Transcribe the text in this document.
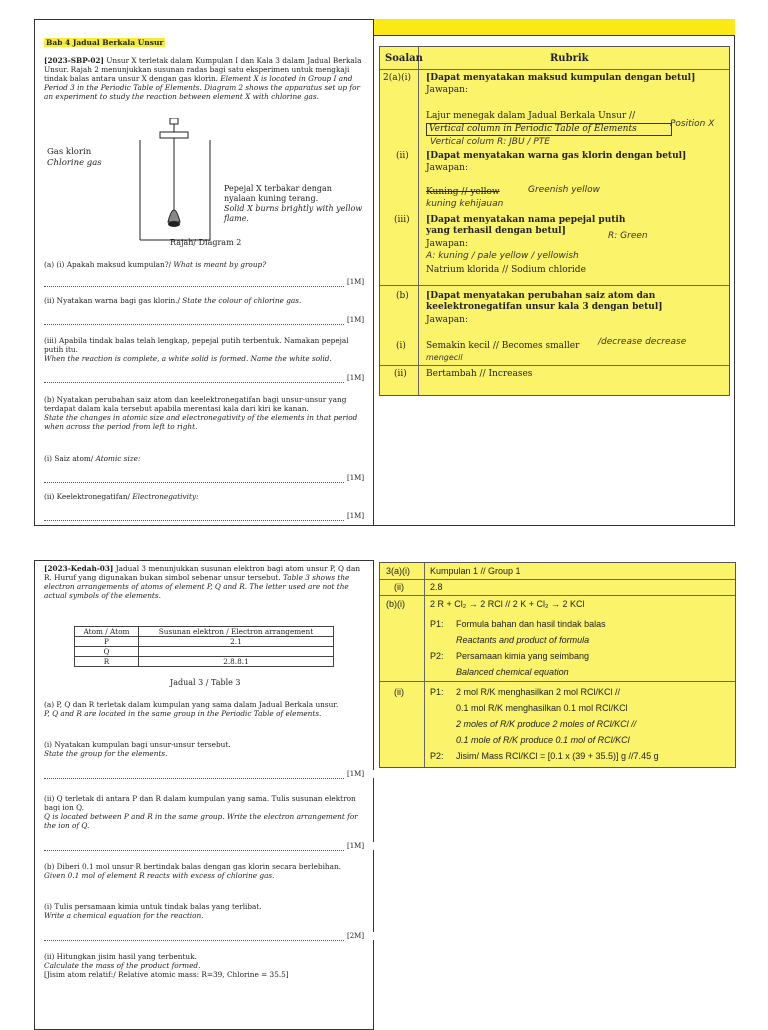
Bab 4 Jadual Berkala Unsur
[2023-SBP-02] Unsur X terletak dalam Kumpulan I dan Kala 3 dalam Jadual Berkala Unsur. Rajah 2 menunjukkan susunan radas bagi satu eksperimen untuk mengkaji tindak balas antara unsur X dengan gas klorin. Element X is located in Group I and Period 3 in the Periodic Table of Elements. Diagram 2 shows the apparatus set up for an experiment to study the reaction between element X with chlorine gas.
Gas klorin
Chlorine gas
Pepejal X terbakar dengan nyalaan kuning terang.
Solid X burns brightly with yellow flame.
Rajah/ Diagram 2
(a) (i) Apakah maksud kumpulan?/ What is meant by group?
[1M]
(ii) Nyatakan warna bagi gas klorin./ State the colour of chlorine gas.
[1M]
(iii) Apabila tindak balas telah lengkap, pepejal putih terbentuk. Namakan pepejal putih itu.
When the reaction is complete, a white solid is formed. Name the white solid.
[1M]
(b) Nyatakan perubahan saiz atom dan keelektronegatifan bagi unsur-unsur yang terdapat dalam kala tersebut apabila merentasi kala dari kiri ke kanan.
State the changes in atomic size and electronegativity of the elements in that period when across the period from left to right.
(i) Saiz atom/ Atomic size:
[1M]
(ii) Keelektronegatifan/ Electronegativity:
[1M]
Soalan	Rubrik
2(a)(i) [Dapat menyatakan maksud kumpulan dengan betul]
Jawapan:
Lajur menegak dalam Jadual Berkala Unsur //
Vertical column in Periodic Table of Elements
Vertical colum R: JBU / PTE
Position X
(ii) [Dapat menyatakan warna gas klorin dengan betul]
Jawapan:
Kuning // yellow	Greenish yellow
kuning kehijauan
(iii) [Dapat menyatakan nama pepejal putih yang terhasil dengan betul]
R: Green
Jawapan:
A: kuning / pale yellow / yellowish
Natrium klorida // Sodium chloride
(b) [Dapat menyatakan perubahan saiz atom dan keelektronegatifan unsur kala 3 dengan betul]
Jawapan:
(i) Semakin kecil // Becomes smaller /decrease decrease
mengecil
(ii) Bertambah // Increases
[2023-Kedah-03] Jadual 3 menunjukkan susunan elektron bagi atom unsur P, Q dan R. Huruf yang digunakan bukan simbol sebenar unsur tersebut. Table 3 shows the electron arrangements of atoms of element P, Q and R. The letter used are not the actual symbols of the elements.
Atom / Atom	Susunan elektron / Electron arrangement
P	2.1
Q	
R	2.8.8.1
Jadual 3 / Table 3
(a) P, Q dan R terletak dalam kumpulan yang sama dalam Jadual Berkala unsur.
P, Q and R are located in the same group in the Periodic Table of elements.
(i) Nyatakan kumpulan bagi unsur-unsur tersebut.
State the group for the elements.
[1M]
(ii) Q terletak di antara P dan R dalam kumpulan yang sama. Tulis susunan elektron bagi ion Q.
Q is located between P and R in the same group. Write the electron arrangement for the ion of Q.
[1M]
(b) Diberi 0.1 mol unsur R bertindak balas dengan gas klorin secara berlebihan.
Given 0.1 mol of element R reacts with excess of chlorine gas.
(i) Tulis persamaan kimia untuk tindak balas yang terlibat.
Write a chemical equation for the reaction.
[2M]
(ii) Hitungkan jisim hasil yang terbentuk.
Calculate the mass of the product formed.
[Jisim atom relatif:/ Relative atomic mass: R=39, Chlorine = 35.5]
3(a)(i) Kumpulan 1 // Group 1
(ii)	2.8
(b)(i)	2 R + Cl₂ → 2 RCl // 2 K + Cl₂ → 2 KCl
P1: Formula bahan dan hasil tindak balas
Reactants and product of formula
P2: Persamaan kimia yang seimbang
Balanced chemical equation
(ii)	P1: 2 mol R/K menghasilkan 2 mol RCl/KCl //
0.1 mol R/K menghasilkan 0.1 mol RCl/KCl
2 moles of R/K produce 2 moles of RCl/KCl //
0.1 mole of R/K produce 0.1 mol of RCl/KCl
P2: Jisim/ Mass RCl/KCl = [0.1 x (39 + 35.5)] g //7.45 g
